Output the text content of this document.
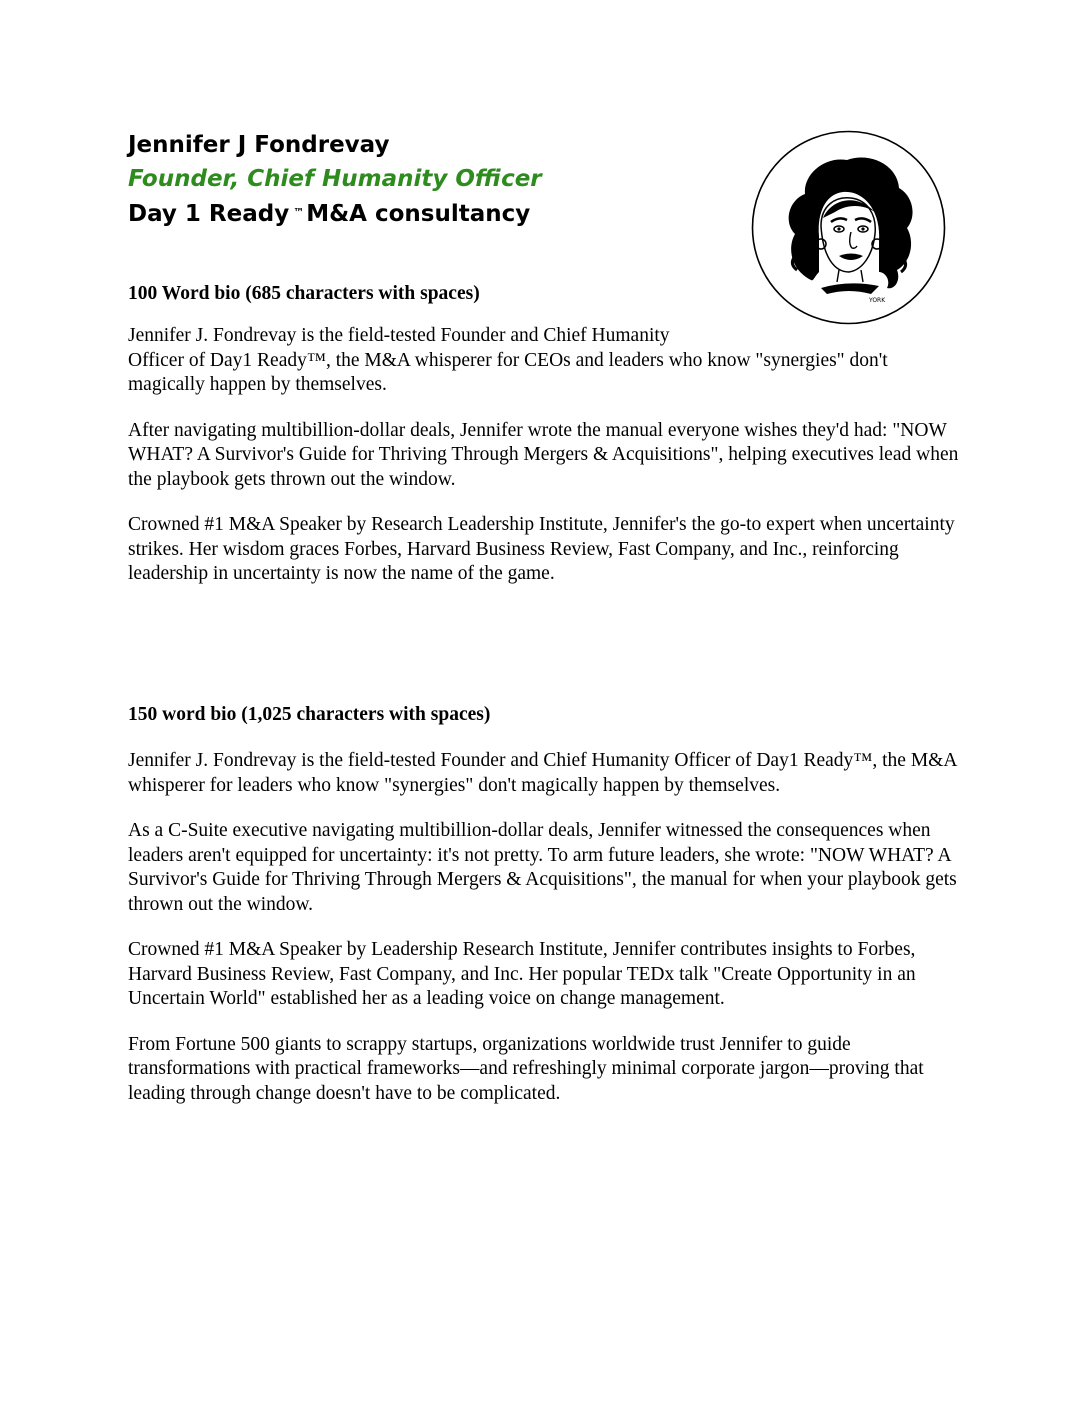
Jennifer J Fondrevay
Founder, Chief Humanity Officer
Day 1 Ready ™M&A consultancy
YORK
100 Word bio (685 characters with spaces)

Jennifer J. Fondrevay is the field-tested Founder and Chief Humanity
Officer of Day1 Ready™, the M&A whisperer for CEOs and leaders who know "synergies" don't magically happen by themselves.

After navigating multibillion-dollar deals, Jennifer wrote the manual everyone wishes they'd had: "NOW WHAT? A Survivor's Guide for Thriving Through Mergers & Acquisitions", helping executives lead when the playbook gets thrown out the window.

Crowned #1 M&A Speaker by Research Leadership Institute, Jennifer's the go-to expert when uncertainty strikes. Her wisdom graces Forbes, Harvard Business Review, Fast Company, and Inc., reinforcing leadership in uncertainty is now the name of the game.

150 word bio (1,025 characters with spaces)

Jennifer J. Fondrevay is the field-tested Founder and Chief Humanity Officer of Day1 Ready™, the M&A whisperer for leaders who know "synergies" don't magically happen by themselves.

As a C-Suite executive navigating multibillion-dollar deals, Jennifer witnessed the consequences when leaders aren't equipped for uncertainty: it's not pretty. To arm future leaders, she wrote: "NOW WHAT? A Survivor's Guide for Thriving Through Mergers & Acquisitions", the manual for when your playbook gets thrown out the window.

Crowned #1 M&A Speaker by Leadership Research Institute, Jennifer contributes insights to Forbes, Harvard Business Review, Fast Company, and Inc. Her popular TEDx talk "Create Opportunity in an Uncertain World" established her as a leading voice on change management.

From Fortune 500 giants to scrappy startups, organizations worldwide trust Jennifer to guide transformations with practical frameworks—and refreshingly minimal corporate jargon—proving that leading through change doesn't have to be complicated.
